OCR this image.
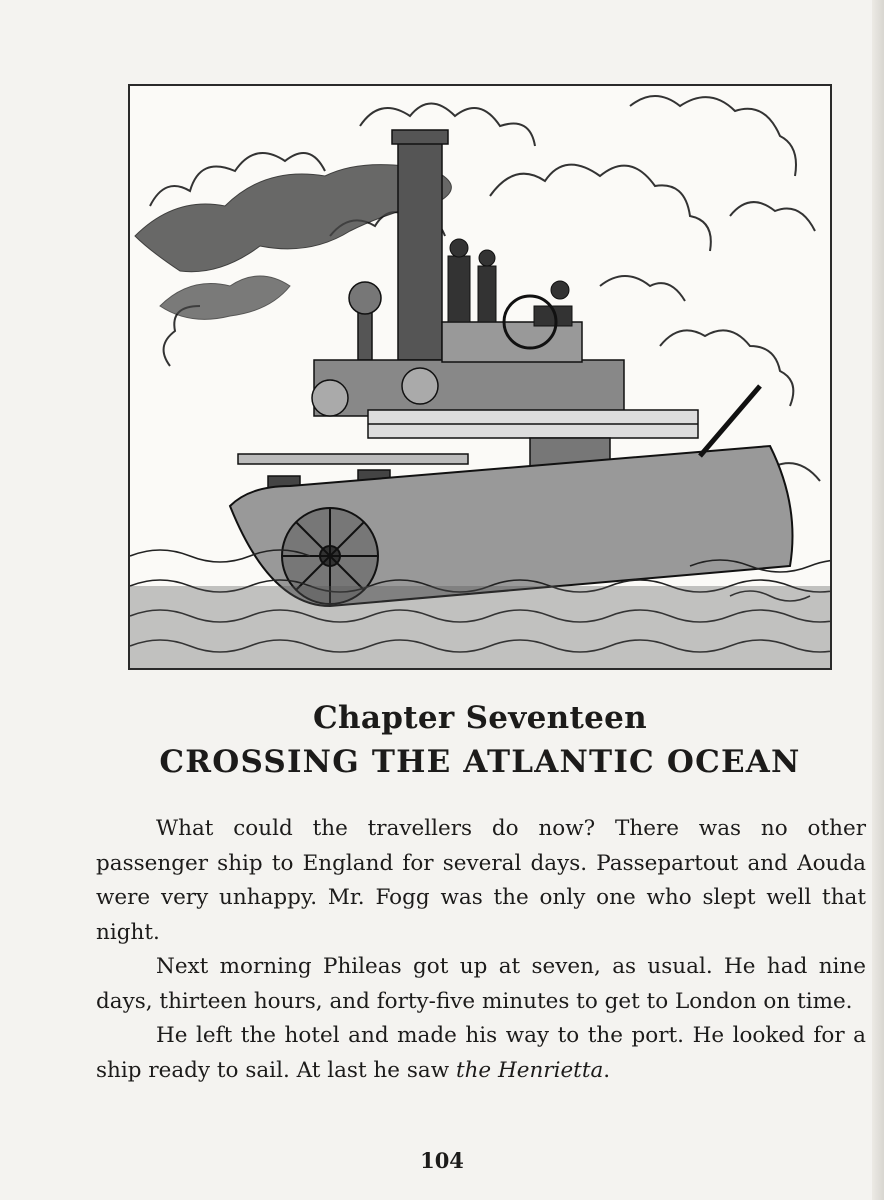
Chapter Seventeen
CROSSING THE ATLANTIC OCEAN

What could the travellers do now? There was no other passenger ship to England for several days. Passepartout and Aouda were very unhappy. Mr. Fogg was the only one who slept well that night.

Next morning Phileas got up at seven, as usual. He had nine days, thirteen hours, and forty-five minutes to get to London on time.

He left the hotel and made his way to the port. He looked for a ship ready to sail. At last he saw the Henrietta.

104
